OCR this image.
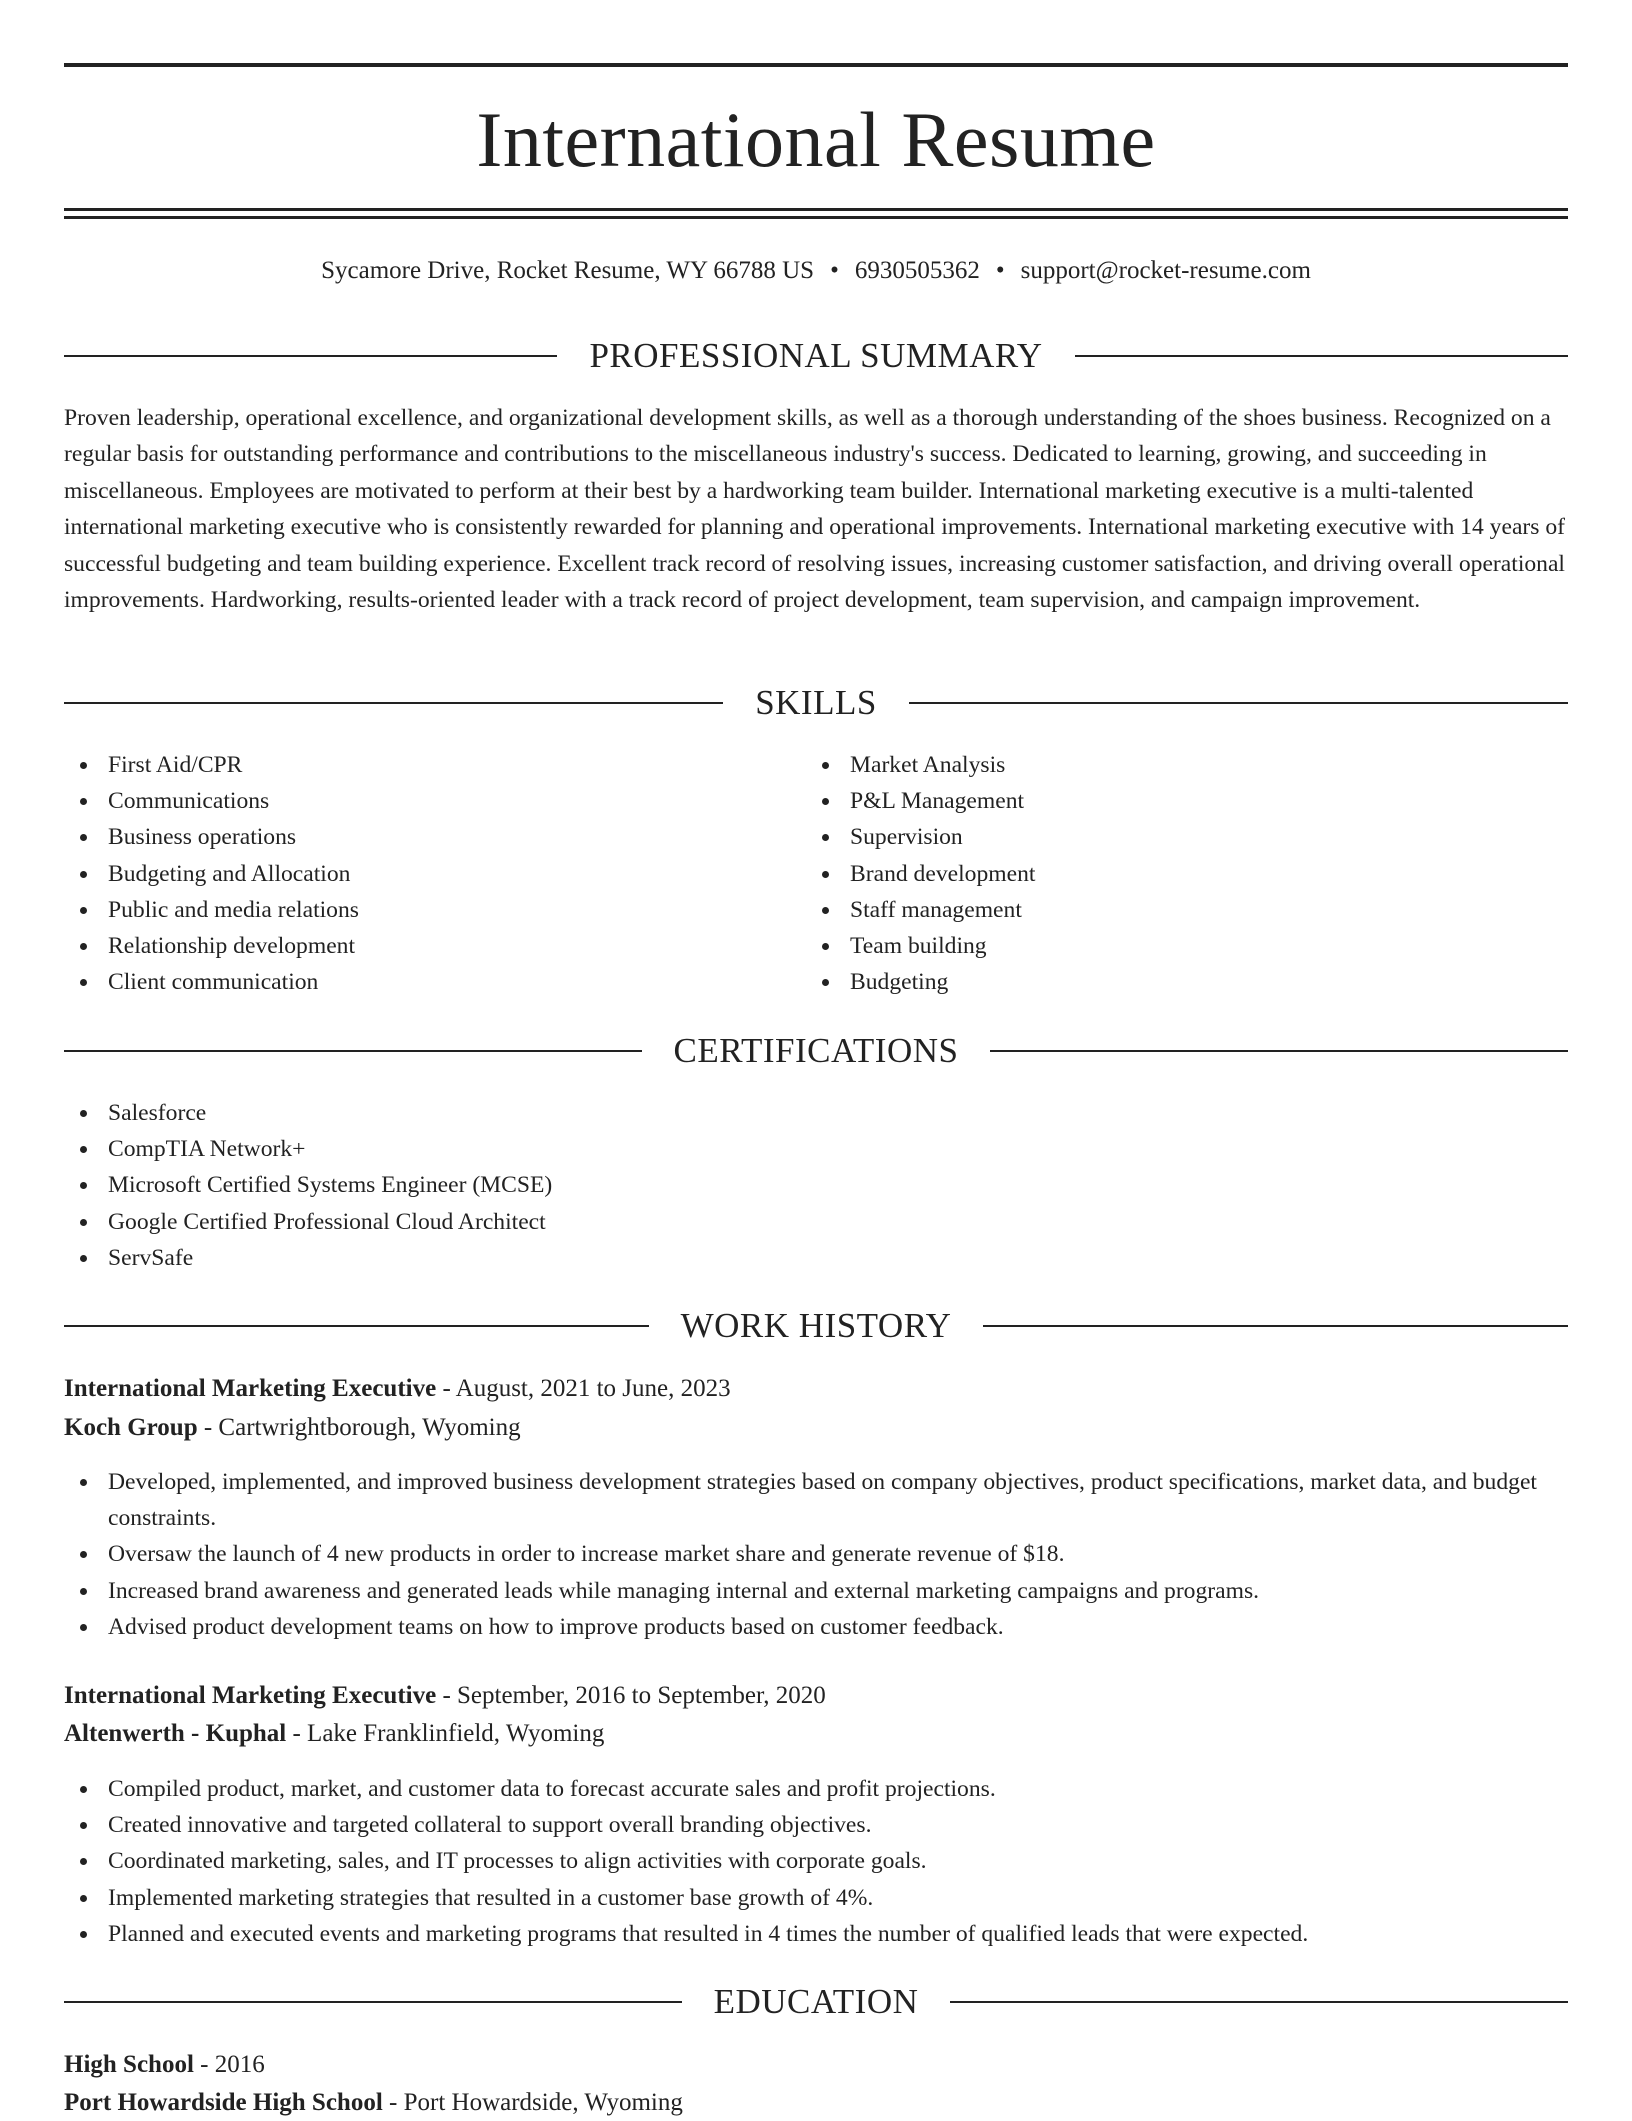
International Resume
Sycamore Drive, Rocket Resume, WY 66788 US • 6930505362 • support@rocket-resume.com
PROFESSIONAL SUMMARY

Proven leadership, operational excellence, and organizational development skills, as well as a thorough understanding of the shoes business. Recognized on a regular basis for outstanding performance and contributions to the miscellaneous industry's success. Dedicated to learning, growing, and succeeding in miscellaneous. Employees are motivated to perform at their best by a hardworking team builder. International marketing executive is a multi-talented international marketing executive who is consistently rewarded for planning and operational improvements. International marketing executive with 14 years of successful budgeting and team building experience. Excellent track record of resolving issues, increasing customer satisfaction, and driving overall operational improvements. Hardworking, results-oriented leader with a track record of project development, team supervision, and campaign improvement.

SKILLS
First Aid/CPR
Communications
Business operations
Budgeting and Allocation
Public and media relations
Relationship development
Client communication
Market Analysis
P&L Management
Supervision
Brand development
Staff management
Team building
Budgeting
CERTIFICATIONS
Salesforce
CompTIA Network+
Microsoft Certified Systems Engineer (MCSE)
Google Certified Professional Cloud Architect
ServSafe
WORK HISTORY
International Marketing Executive - August, 2021 to June, 2023
Koch Group - Cartwrightborough, Wyoming
Developed, implemented, and improved business development strategies based on company objectives, product specifications, market data, and budget constraints.
Oversaw the launch of 4 new products in order to increase market share and generate revenue of $18.
Increased brand awareness and generated leads while managing internal and external marketing campaigns and programs.
Advised product development teams on how to improve products based on customer feedback.
International Marketing Executive - September, 2016 to September, 2020
Altenwerth - Kuphal - Lake Franklinfield, Wyoming
Compiled product, market, and customer data to forecast accurate sales and profit projections.
Created innovative and targeted collateral to support overall branding objectives.
Coordinated marketing, sales, and IT processes to align activities with corporate goals.
Implemented marketing strategies that resulted in a customer base growth of 4%.
Planned and executed events and marketing programs that resulted in 4 times the number of qualified leads that were expected.
EDUCATION
High School - 2016
Port Howardside High School - Port Howardside, Wyoming
